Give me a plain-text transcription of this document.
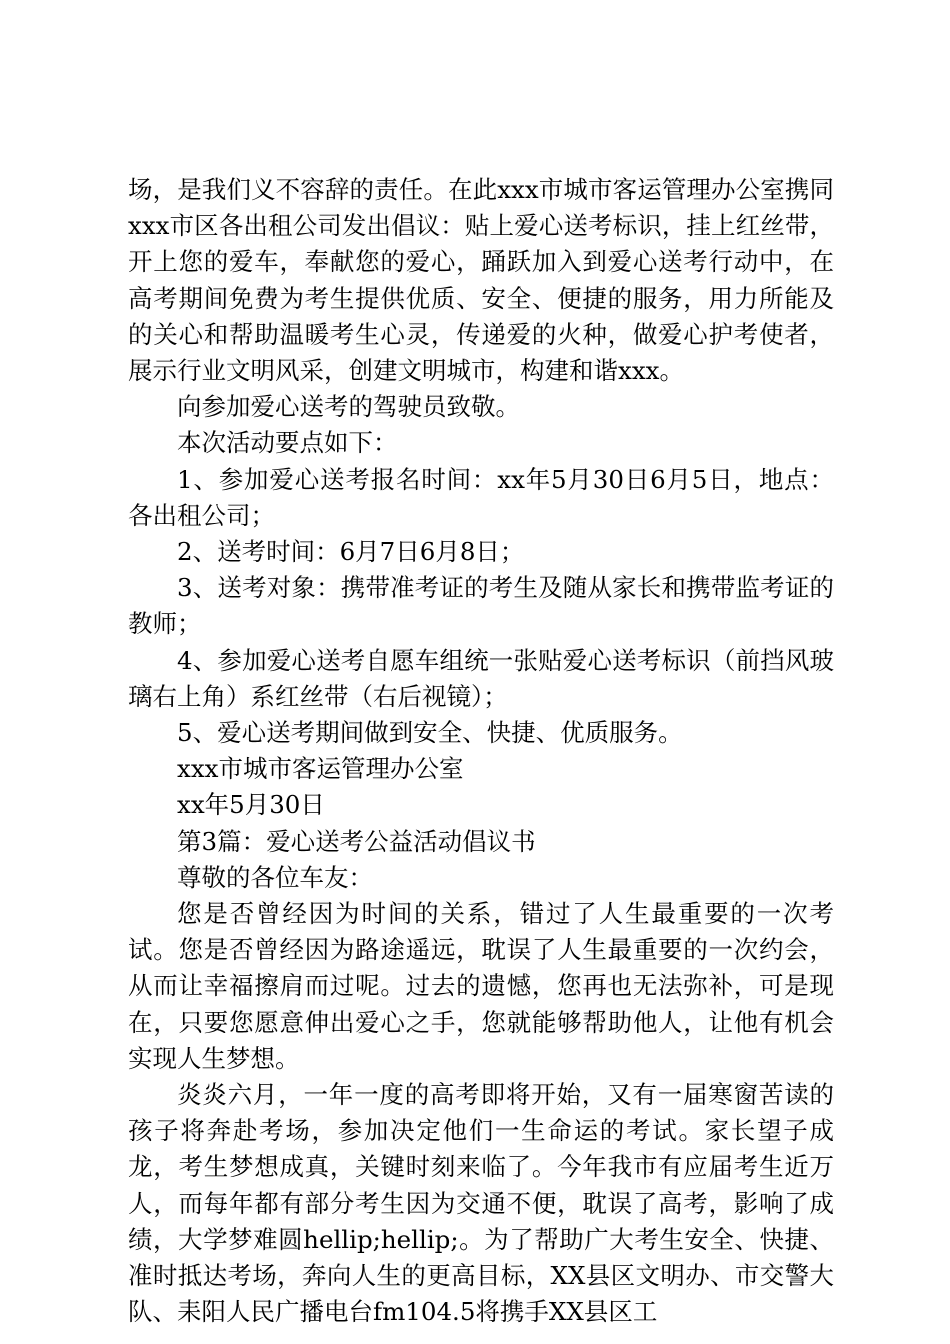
场，是我们义不容辞的责任。在此xxx市城市客运管理办公室携同xxx市区各出租公司发出倡议：贴上爱心送考标识，挂上红丝带，开上您的爱车，奉献您的爱心，踊跃加入到爱心送考行动中，在高考期间免费为考生提供优质、安全、便捷的服务，用力所能及的关心和帮助温暖考生心灵，传递爱的火种，做爱心护考使者，展示行业文明风采，创建文明城市，构建和谐xxx。

向参加爱心送考的驾驶员致敬。

本次活动要点如下：

1、参加爱心送考报名时间：xx年5月30日6月5日，地点：各出租公司；

2、送考时间：6月7日6月8日；

3、送考对象：携带准考证的考生及随从家长和携带监考证的教师；

4、参加爱心送考自愿车组统一张贴爱心送考标识（前挡风玻璃右上角）系红丝带（右后视镜）；

5、爱心送考期间做到安全、快捷、优质服务。

xxx市城市客运管理办公室

xx年5月30日

第3篇：爱心送考公益活动倡议书

尊敬的各位车友：

您是否曾经因为时间的关系，错过了人生最重要的一次考试。您是否曾经因为路途遥远，耽误了人生最重要的一次约会，从而让幸福擦肩而过呢。过去的遗憾，您再也无法弥补，可是现在，只要您愿意伸出爱心之手，您就能够帮助他人，让他有机会实现人生梦想。

炎炎六月，一年一度的高考即将开始，又有一届寒窗苦读的孩子将奔赴考场，参加决定他们一生命运的考试。家长望子成龙，考生梦想成真，关键时刻来临了。今年我市有应届考生近万人，而每年都有部分考生因为交通不便，耽误了高考，影响了成绩，大学梦难圆hellip;hellip;。为了帮助广大考生安全、快捷、准时抵达考场，奔向人生的更高目标，XX县区文明办、市交警大队、耒阳人民广播电台fm104.5将携手XX县区工
